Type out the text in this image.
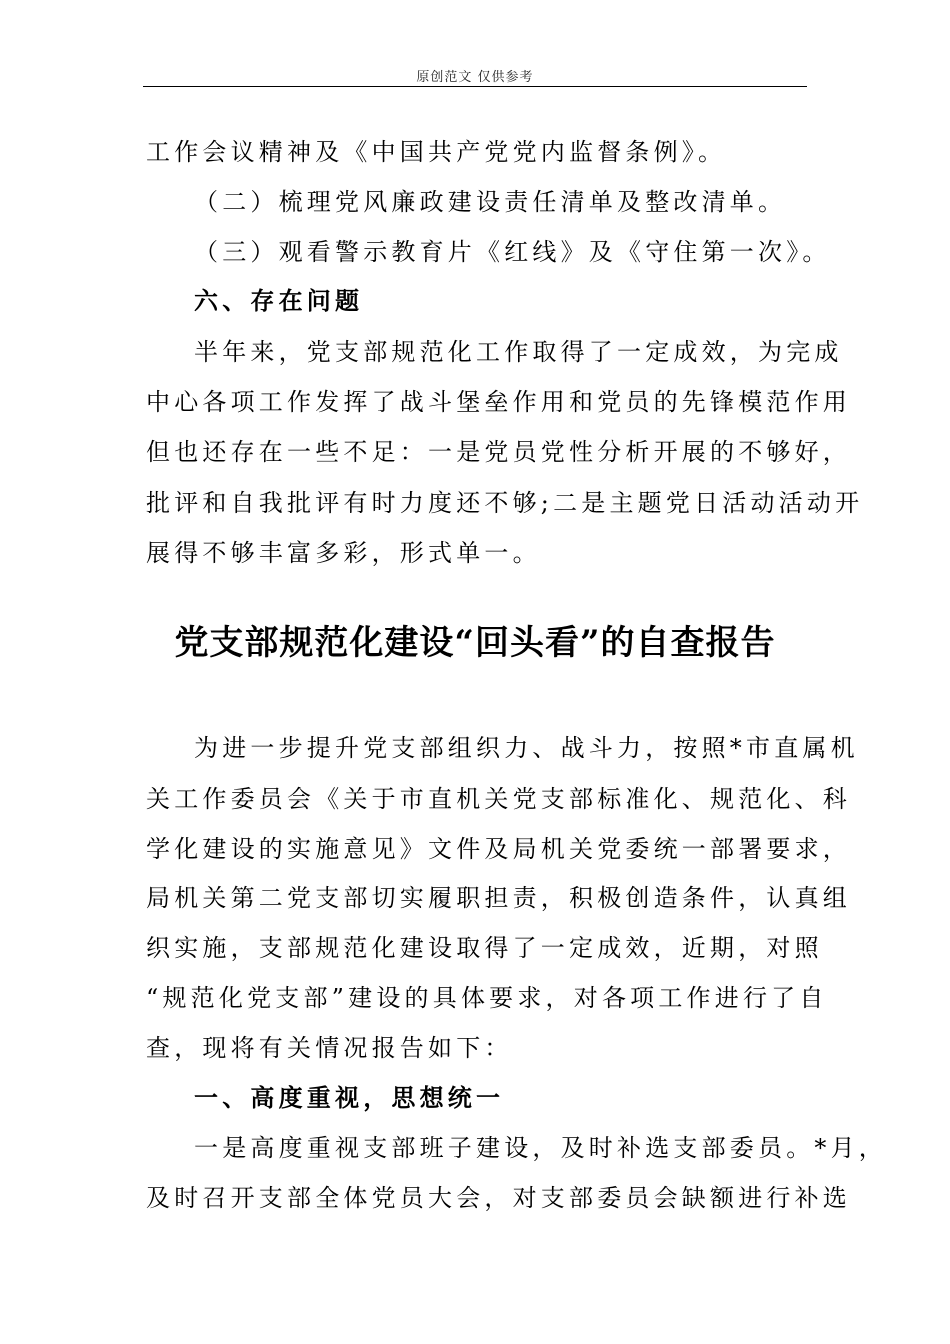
原创范文 仅供参考
工作会议精神及《中国共产党党内监督条例》。
（二）梳理党风廉政建设责任清单及整改清单。
（三）观看警示教育片《红线》及《守住第一次》。
六、存在问题
半年来，党支部规范化工作取得了一定成效，为完成
中心各项工作发挥了战斗堡垒作用和党员的先锋模范作用
但也还存在一些不足：一是党员党性分析开展的不够好，
批评和自我批评有时力度还不够;二是主题党日活动活动开
展得不够丰富多彩，形式单一。
党支部规范化建设“回头看”的自查报告
为进一步提升党支部组织力、战斗力，按照*市直属机
关工作委员会《关于市直机关党支部标准化、规范化、科
学化建设的实施意见》文件及局机关党委统一部署要求，
局机关第二党支部切实履职担责，积极创造条件，认真组
织实施，支部规范化建设取得了一定成效，近期，对照
“规范化党支部”建设的具体要求，对各项工作进行了自
查，现将有关情况报告如下：
一、高度重视，思想统一
一是高度重视支部班子建设，及时补选支部委员。*月，
及时召开支部全体党员大会，对支部委员会缺额进行补选
